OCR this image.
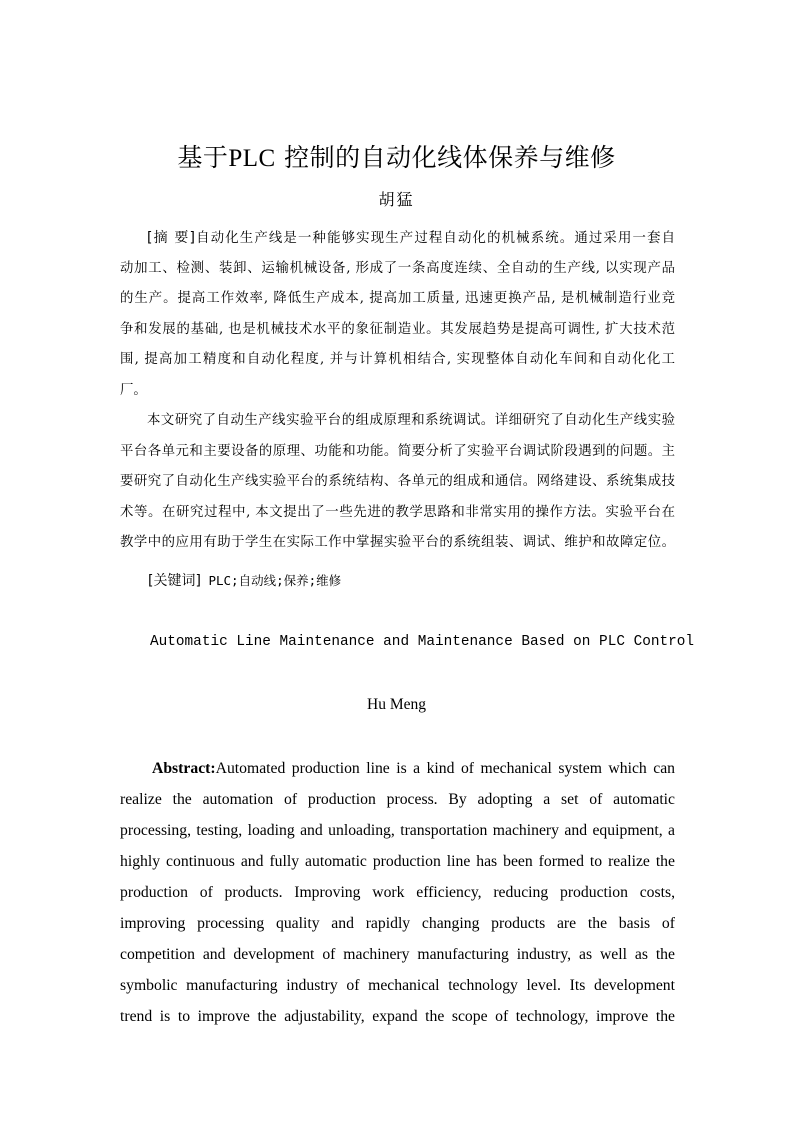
基于PLC 控制的自动化线体保养与维修
胡猛
[摘 要]自动化生产线是一种能够实现生产过程自动化的机械系统。通过采用一套自
动加工、检测、装卸、运输机械设备, 形成了一条高度连续、全自动的生产线, 以实现产品
的生产。提高工作效率, 降低生产成本, 提高加工质量, 迅速更换产品, 是机械制造行业竞
争和发展的基础, 也是机械技术水平的象征制造业。其发展趋势是提高可调性, 扩大技术范
围, 提高加工精度和自动化程度, 并与计算机相结合, 实现整体自动化车间和自动化化工
厂。
本文研究了自动生产线实验平台的组成原理和系统调试。详细研究了自动化生产线实验
平台各单元和主要设备的原理、功能和功能。简要分析了实验平台调试阶段遇到的问题。主
要研究了自动化生产线实验平台的系统结构、各单元的组成和通信。网络建设、系统集成技
术等。在研究过程中, 本文提出了一些先进的教学思路和非常实用的操作方法。实验平台在
教学中的应用有助于学生在实际工作中掌握实验平台的系统组装、调试、维护和故障定位。
[关键词] PLC;自动线;保养;维修
Automatic Line Maintenance and Maintenance Based on PLC Control
Hu Meng
Abstract:Automated production line is a kind of mechanical system which can
realize the automation of production process. By adopting a set of automatic
processing, testing, loading and unloading, transportation machinery and equipment, a
highly continuous and fully automatic production line has been formed to realize the
production of products. Improving work efficiency, reducing production costs,
improving processing quality and rapidly changing products are the basis of
competition and development of machinery manufacturing industry, as well as the
symbolic manufacturing industry of mechanical technology level. Its development
trend is to improve the adjustability, expand the scope of technology, improve the
